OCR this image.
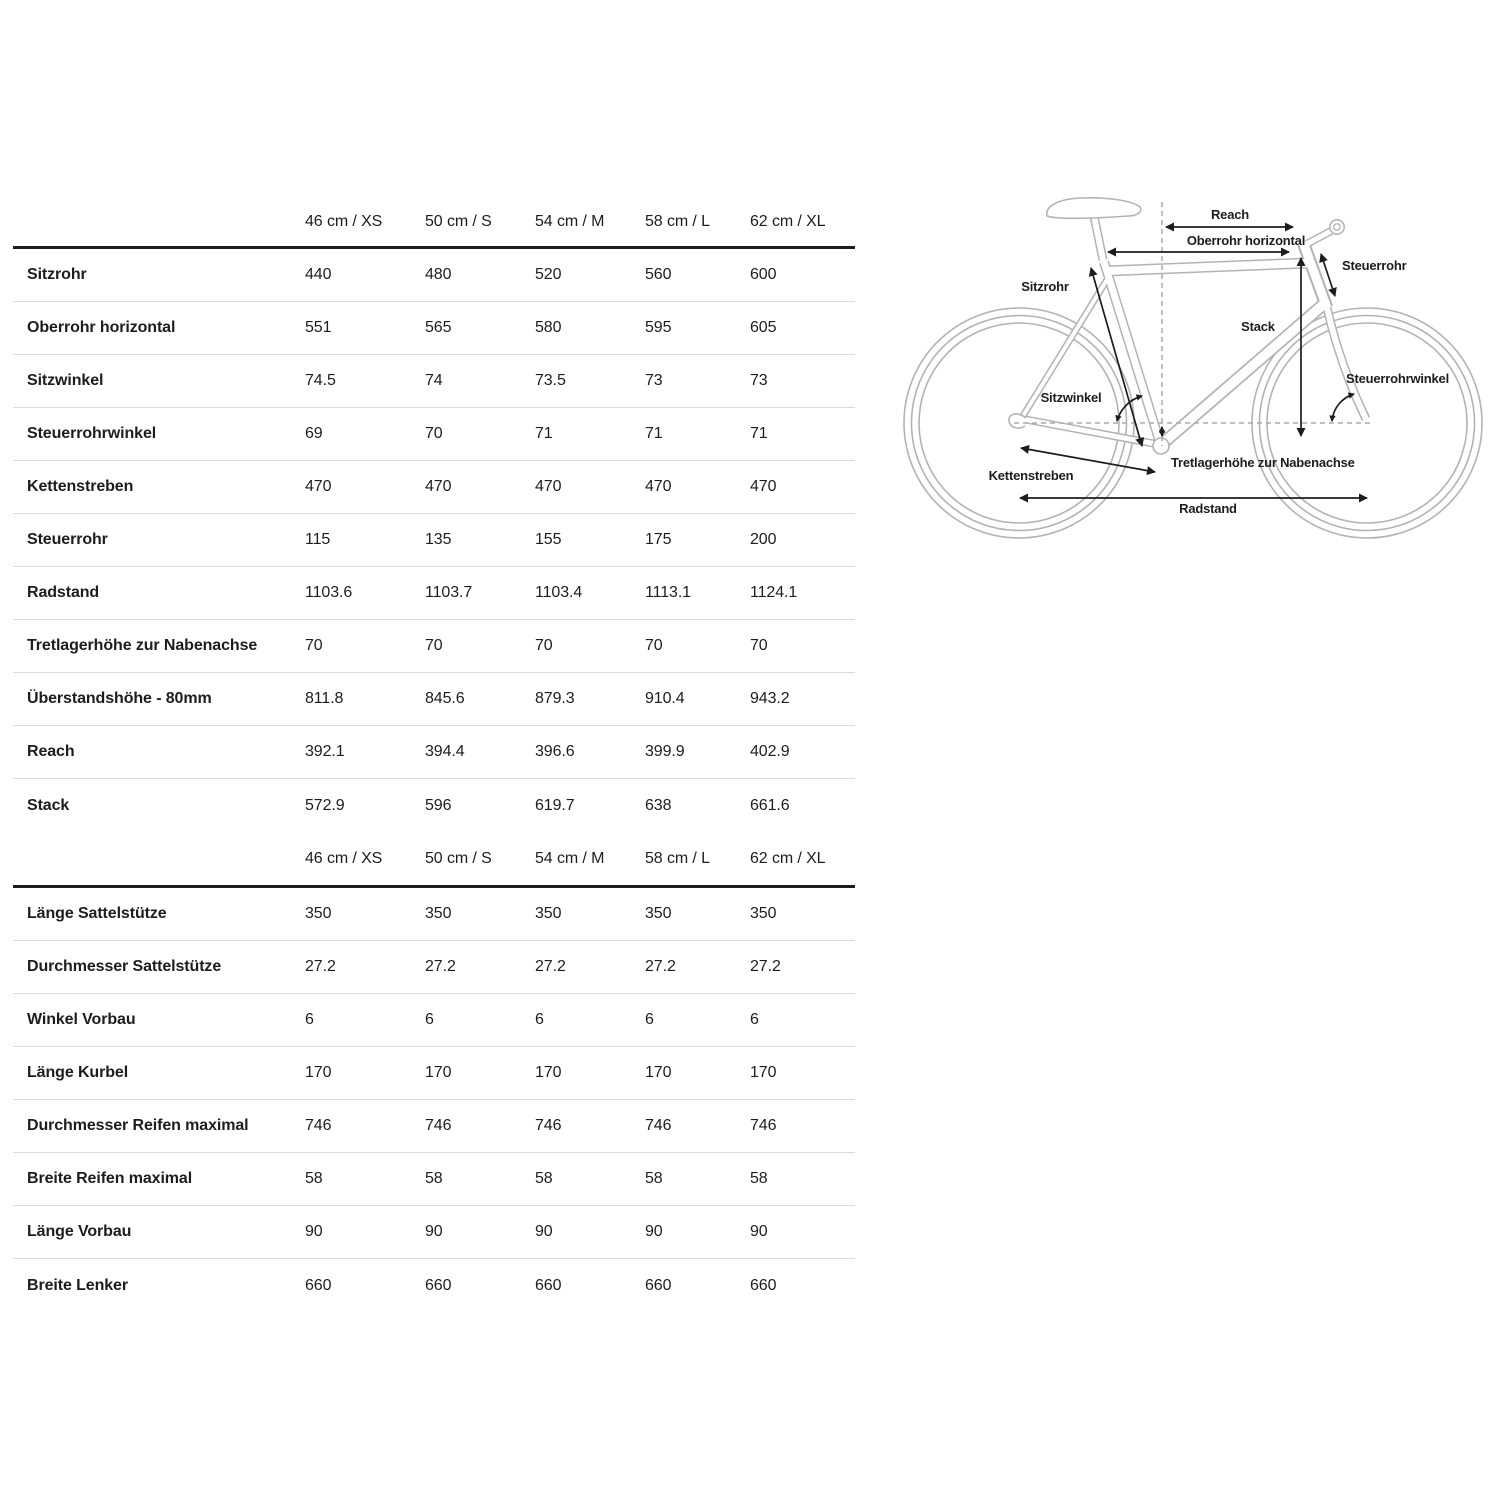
46 cm / XS	50 cm / S	54 cm / M	58 cm / L	62 cm / XL
Sitzrohr	440	480	520	560	600
Oberrohr horizontal	551	565	580	595	605
Sitzwinkel	74.5	74	73.5	73	73
Steuerrohrwinkel	69	70	71	71	71
Kettenstreben	470	470	470	470	470
Steuerrohr	115	135	155	175	200
Radstand	1103.6	1103.7	1103.4	1113.1	1124.1
Tretlagerhöhe zur Nabenachse	70	70	70	70	70
Überstandshöhe - 80mm	811.8	845.6	879.3	910.4	943.2
Reach	392.1	394.4	396.6	399.9	402.9
Stack	572.9	596	619.7	638	661.6
46 cm / XS	50 cm / S	54 cm / M	58 cm / L	62 cm / XL
Länge Sattelstütze	350	350	350	350	350
Durchmesser Sattelstütze	27.2	27.2	27.2	27.2	27.2
Winkel Vorbau	6	6	6	6	6
Länge Kurbel	170	170	170	170	170
Durchmesser Reifen maximal	746	746	746	746	746
Breite Reifen maximal	58	58	58	58	58
Länge Vorbau	90	90	90	90	90
Breite Lenker	660	660	660	660	660
Reach
Oberrohr horizontal
Steuerrohr
Sitzrohr
Stack
Sitzwinkel
Steuerrohrwinkel
Tretlagerhöhe zur Nabenachse
Kettenstreben
Radstand
